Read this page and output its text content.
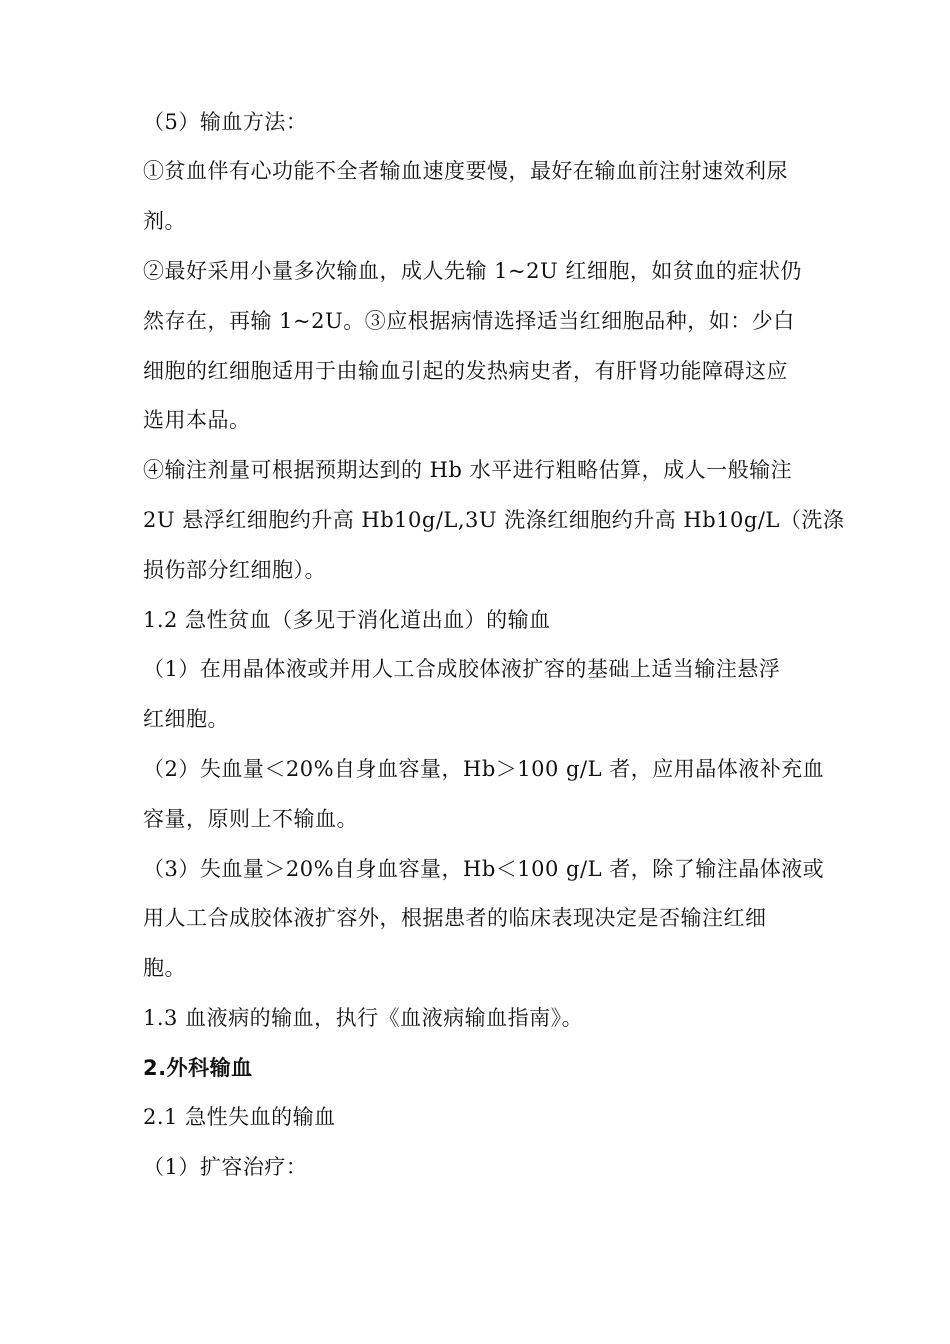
（5）输血方法：
①贫血伴有心功能不全者输血速度要慢，最好在输血前注射速效利尿
剂。
②最好采用小量多次输血，成人先输 1~2U 红细胞，如贫血的症状仍
然存在，再输 1~2U。③应根据病情选择适当红细胞品种，如：少白
细胞的红细胞适用于由输血引起的发热病史者，有肝肾功能障碍这应
选用本品。
④输注剂量可根据预期达到的 Hb 水平进行粗略估算，成人一般输注
2U 悬浮红细胞约升高 Hb10g/L,3U 洗涤红细胞约升高 Hb10g/L（洗涤
损伤部分红细胞）。
1.2 急性贫血（多见于消化道出血）的输血
（1）在用晶体液或并用人工合成胶体液扩容的基础上适当输注悬浮
红细胞。
（2）失血量＜20%自身血容量，Hb＞100 g/L 者，应用晶体液补充血
容量，原则上不输血。
（3）失血量＞20%自身血容量，Hb＜100 g/L 者，除了输注晶体液或
用人工合成胶体液扩容外，根据患者的临床表现决定是否输注红细
胞。
1.3 血液病的输血，执行《血液病输血指南》。
2.外科输血
2.1 急性失血的输血
（1）扩容治疗：
